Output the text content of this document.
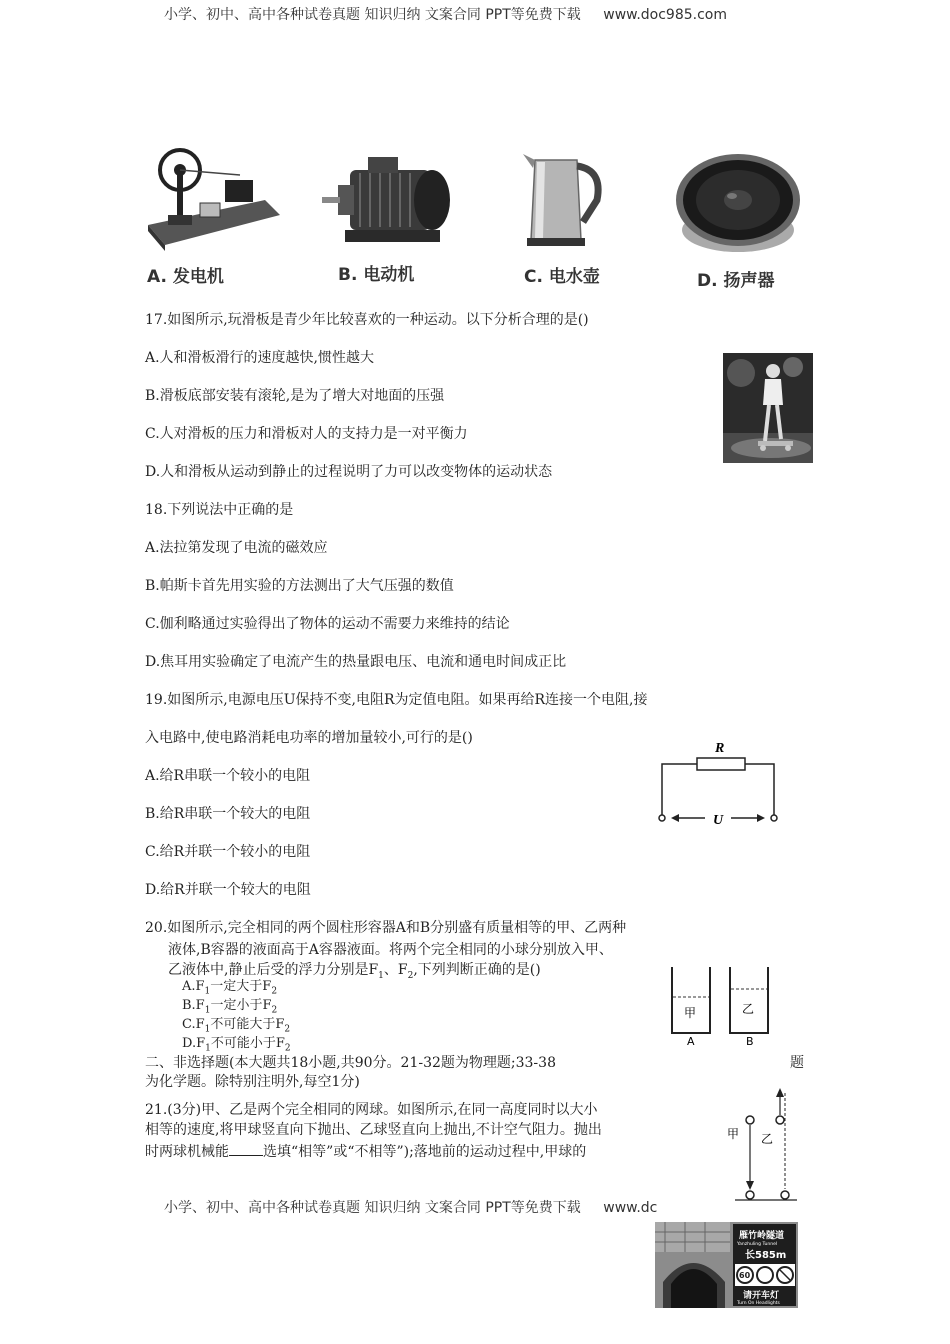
小学、初中、高中各种试卷真题 知识归纳 文案合同 PPT等免费下载 www.doc985.com
A. 发电机	B. 电动机	C. 电水壶	D. 扬声器
17.如图所示,玩滑板是青少年比较喜欢的一种运动。以下分析合理的是()
A.人和滑板滑行的速度越快,惯性越大
B.滑板底部安装有滚轮,是为了增大对地面的压强
C.人对滑板的压力和滑板对人的支持力是一对平衡力
D.人和滑板从运动到静止的过程说明了力可以改变物体的运动状态
18.下列说法中正确的是
A.法拉第发现了电流的磁效应
B.帕斯卡首先用实验的方法测出了大气压强的数值
C.伽利略通过实验得出了物体的运动不需要力来维持的结论
D.焦耳用实验确定了电流产生的热量跟电压、电流和通电时间成正比
19.如图所示,电源电压U保持不变,电阻R为定值电阻。如果再给R连接一个电阻,接
入电路中,使电路消耗电功率的增加量较小,可行的是()
A.给R串联一个较小的电阻
B.给R串联一个较大的电阻
C.给R并联一个较小的电阻
D.给R并联一个较大的电阻
R
U
20.如图所示,完全相同的两个圆柱形容器A和B分别盛有质量相等的甲、乙两种
液体,B容器的液面高于A容器液面。将两个完全相同的小球分别放入甲、
乙液体中,静止后受的浮力分别是$F_1$、$F_2$,下列判断正确的是()
$A.F_1$一定大于$F_2$
$B.F_1$一定小于$F_2$
$C.F_1$不可能大于$F_2$
$D.F_1$不可能小于$F_2$
甲
A
乙
B
二、非选择题(本大题共18小题,共90分。21-32题为物理题;33-38	题
为化学题。除特别注明外,每空1分)
21.(3分)甲、乙是两个完全相同的网球。如图所示,在同一高度同时以大小
相等的速度,将甲球竖直向下抛出、乙球竖直向上抛出,不计空气阻力。抛出
时两球机械能 选填“相等”或“不相等”);落地前的运动过程中,甲球的
甲 乙
小学、初中、高中各种试卷真题 知识归纳 文案合同 PPT等免费下载 www.dc
雁竹岭隧道
Yanzhuling Tunnel
长585m
60
请开车灯
Turn On Headlights
